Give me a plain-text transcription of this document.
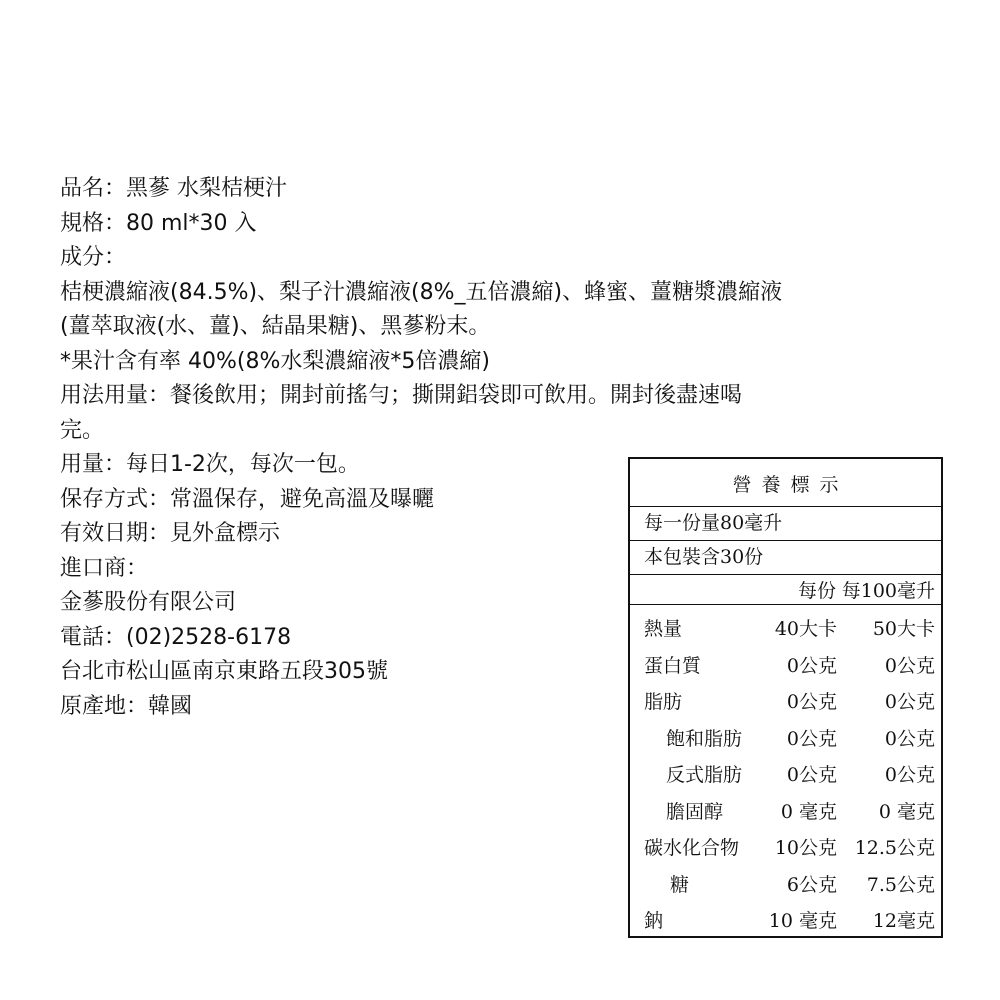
品名：黑蔘 水梨桔梗汁
規格：80 ml*30 入
成分：
桔梗濃縮液(84.5%)、梨子汁濃縮液(8%_五倍濃縮)、蜂蜜、薑糖漿濃縮液
(薑萃取液(水、薑)、結晶果糖)、黑蔘粉末。
*果汁含有率 40%(8%水梨濃縮液*5倍濃縮)
用法用量：餐後飲用；開封前搖勻；撕開鋁袋即可飲用。開封後盡速喝
完。
用量：每日1-2次，每次一包。
保存方式：常溫保存，避免高溫及曝曬
有效日期：見外盒標示
進口商：
金蔘股份有限公司
電話：(02)2528-6178
台北市松山區南京東路五段305號
原產地：韓國
營養標示
每一份量80毫升
本包裝含30份
每份 每100毫升
熱量	40大卡 50大卡
蛋白質	0公克	0公克
脂肪	0公克	0公克
飽和脂肪 0公克	0公克
反式脂肪 0公克	0公克
膽固醇	0 毫克 0 毫克
碳水化合物 10公克 12.5公克
糖	6公克 7.5公克
鈉	10 毫克 12毫克
